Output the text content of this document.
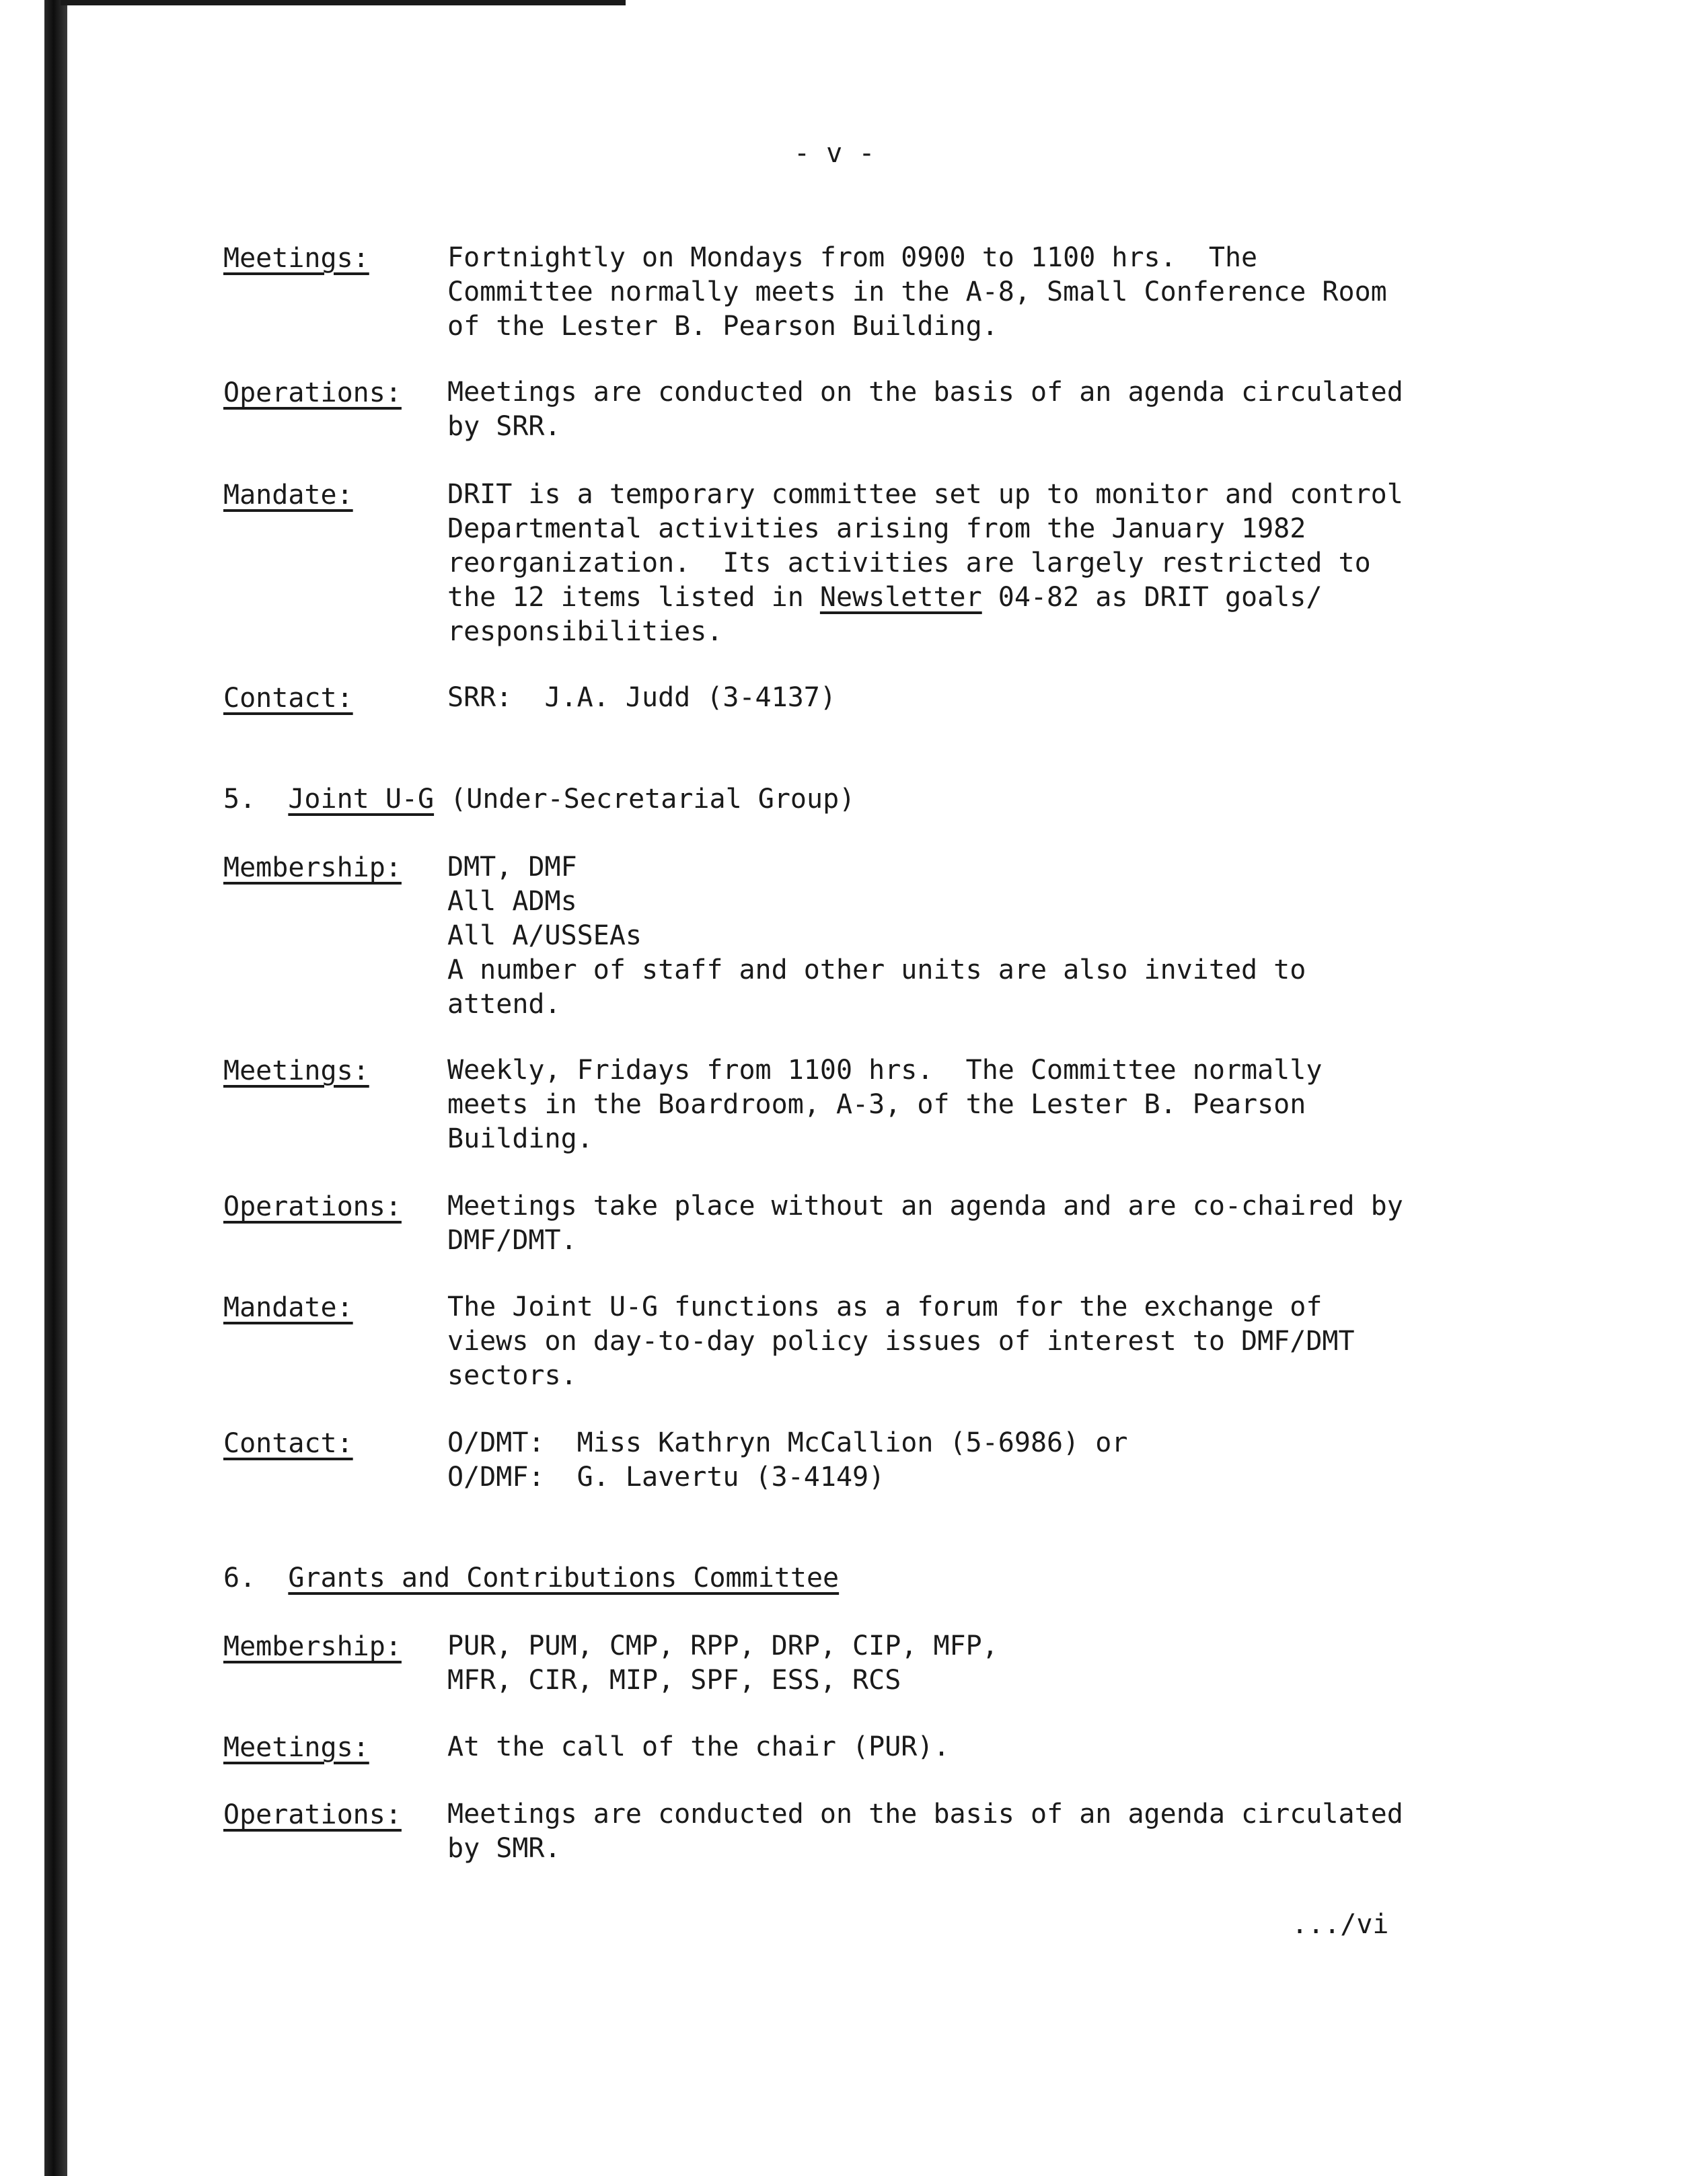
- v -
Meetings:	Fortnightly on Mondays from 0900 to 1100 hrs.  The
Committee normally meets in the A-8, Small Conference Room
of the Lester B. Pearson Building.
Operations: Meetings are conducted on the basis of an agenda circulated
by SRR.
Mandate:	DRIT is a temporary committee set up to monitor and control
Departmental activities arising from the January 1982
reorganization.  Its activities are largely restricted to
the 12 items listed in Newsletter 04-82 as DRIT goals/
responsibilities.
Contact:	SRR:  J.A. Judd (3-4137)
5. Joint U-G (Under-Secretarial Group)
Membership: DMT, DMF
All ADMs
All A/USSEAs
A number of staff and other units are also invited to
attend.
Meetings:	Weekly, Fridays from 1100 hrs.  The Committee normally
meets in the Boardroom, A-3, of the Lester B. Pearson
Building.
Operations: Meetings take place without an agenda and are co-chaired by
DMF/DMT.
Mandate:	The Joint U-G functions as a forum for the exchange of
views on day-to-day policy issues of interest to DMF/DMT
sectors.
Contact:	O/DMT:  Miss Kathryn McCallion (5-6986) or
O/DMF:  G. Lavertu (3-4149)
6. Grants and Contributions Committee
Membership: PUR, PUM, CMP, RPP, DRP, CIP, MFP,
MFR, CIR, MIP, SPF, ESS, RCS
Meetings:	At the call of the chair (PUR).
Operations: Meetings are conducted on the basis of an agenda circulated
by SMR.
.../vi
